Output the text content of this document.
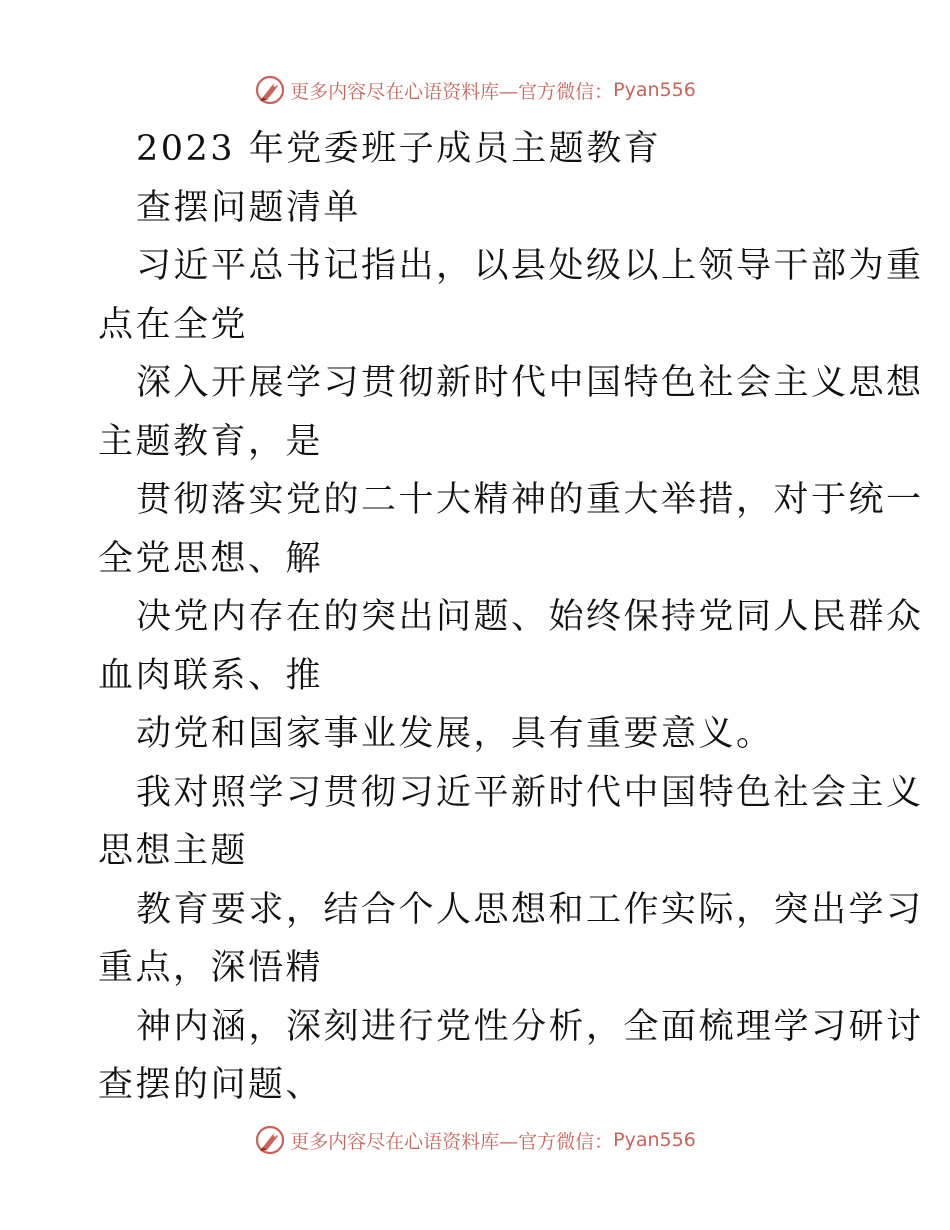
更多内容尽在心语资料库—官方微信： Pyan556
2023 年党委班子成员主题教育
查摆问题清单
习近平总书记指出，以县处级以上领导干部为重
点在全党
深入开展学习贯彻新时代中国特色社会主义思想
主题教育，是
贯彻落实党的二十大精神的重大举措，对于统一
全党思想、解
决党内存在的突出问题、始终保持党同人民群众
血肉联系、推
动党和国家事业发展，具有重要意义。
我对照学习贯彻习近平新时代中国特色社会主义
思想主题
教育要求，结合个人思想和工作实际，突出学习
重点，深悟精
神内涵，深刻进行党性分析，全面梳理学习研讨
查摆的问题、
更多内容尽在心语资料库—官方微信： Pyan556
